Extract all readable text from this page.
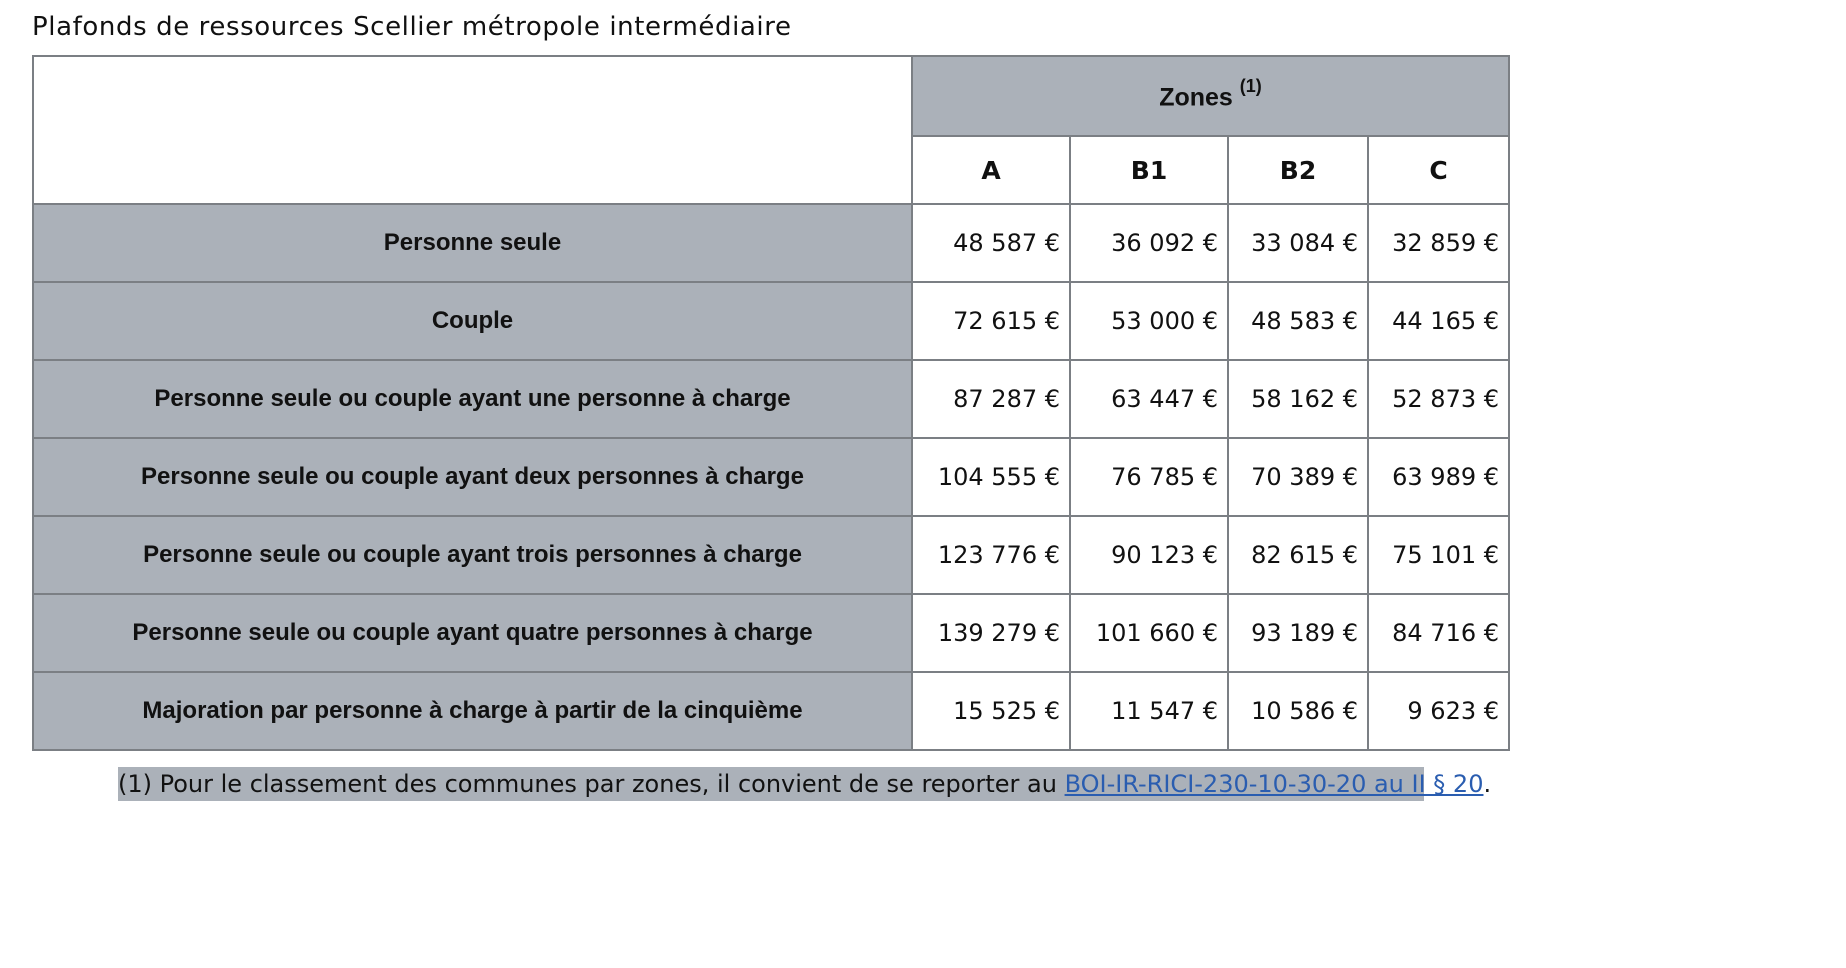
Plafonds de ressources Scellier métropole intermédiaire
	Zones $^{(1)}$
	A	B1	B2	C
Personne seule	48 587 €	36 092 €	33 084 €	32 859 €
Couple	72 615 €	53 000 €	48 583 €	44 165 €
Personne seule ou couple ayant une personne à charge	87 287 €	63 447 €	58 162 €	52 873 €
Personne seule ou couple ayant deux personnes à charge	104 555 €	76 785 €	70 389 €	63 989 €
Personne seule ou couple ayant trois personnes à charge	123 776 €	90 123 €	82 615 €	75 101 €
Personne seule ou couple ayant quatre personnes à charge	139 279 €	101 660 €	93 189 €	84 716 €
Majoration par personne à charge à partir de la cinquième	15 525 €	11 547 €	10 586 €	9 623 €
(1) Pour le classement des communes par zones, il convient de se reporter au BOI-IR-RICI-230-10-30-20 au II § 20.
